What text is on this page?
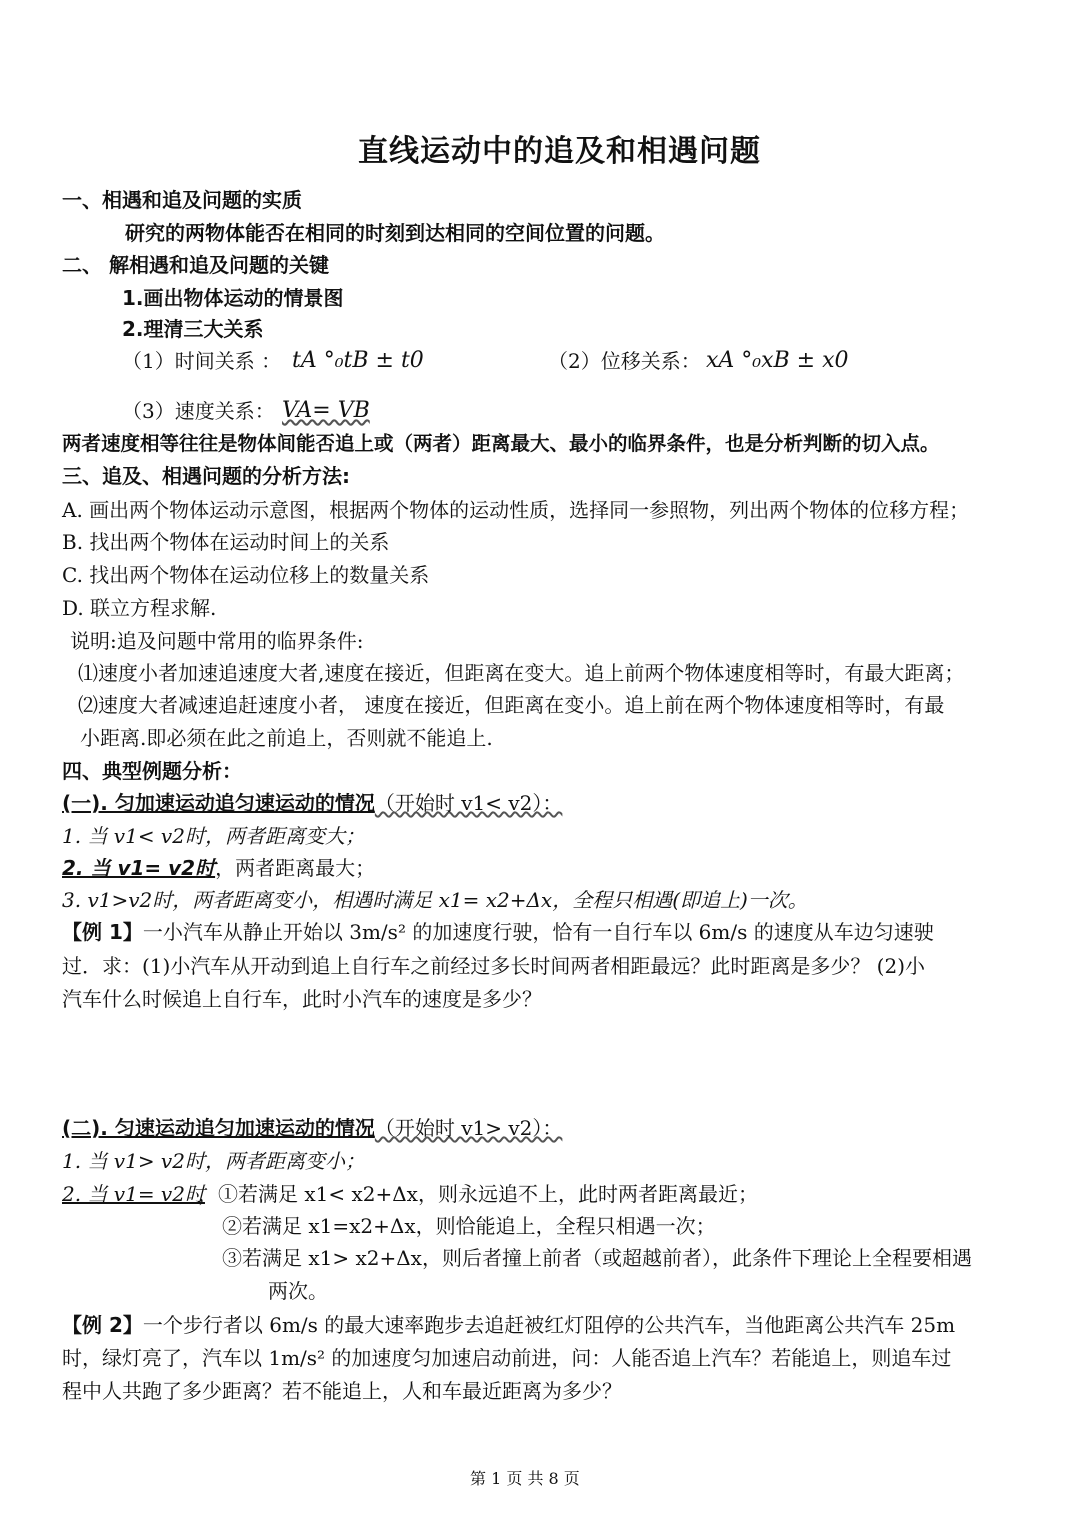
直线运动中的追及和相遇问题
一、相遇和追及问题的实质
研究的两物体能否在相同的时刻到达相同的空间位置的问题。
二、 解相遇和追及问题的关键
1.画出物体运动的情景图
2.理清三大关系
（1）时间关系 ： tA °₀tB ± t0	（2）位移关系： xA °₀xB ± x0
（3）速度关系： VA= VB
两者速度相等往往是物体间能否追上或（两者）距离最大、最小的临界条件，也是分析判断的切入点。
三、追及、相遇问题的分析方法:
A. 画出两个物体运动示意图，根据两个物体的运动性质，选择同一参照物，列出两个物体的位移方程；
B. 找出两个物体在运动时间上的关系
C. 找出两个物体在运动位移上的数量关系
D. 联立方程求解.
说明:追及问题中常用的临界条件:
⑴速度小者加速追速度大者,速度在接近，但距离在变大。追上前两个物体速度相等时，有最大距离；
⑵速度大者减速追赶速度小者， 速度在接近，但距离在变小。追上前在两个物体速度相等时，有最
小距离.即必须在此之前追上，否则就不能追上.
四、典型例题分析：
(一). 匀加速运动追匀速运动的情况（开始时 v1< v2）：
1. 当 v1< v2时，两者距离变大；
2. 当 v1= v2时，两者距离最大；
3. v1>v2时，两者距离变小，相遇时满足 x1= x2+Δx，全程只相遇(即追上)一次。
【例 1】一小汽车从静止开始以 3m/s² 的加速度行驶，恰有一自行车以 6m/s 的速度从车边匀速驶
过．求：(1)小汽车从开动到追上自行车之前经过多长时间两者相距最远？此时距离是多少？ (2)小
汽车什么时候追上自行车，此时小汽车的速度是多少？
(二). 匀速运动追匀加速运动的情况（开始时 v1> v2）：
1. 当 v1> v2时，两者距离变小；
2. 当 v1= v2时，①若满足 x1< x2+Δx，则永远追不上，此时两者距离最近；
②若满足 x1=x2+Δx，则恰能追上，全程只相遇一次；
③若满足 x1> x2+Δx，则后者撞上前者（或超越前者），此条件下理论上全程要相遇
两次。
【例 2】一个步行者以 6m/s 的最大速率跑步去追赶被红灯阻停的公共汽车，当他距离公共汽车 25m
时，绿灯亮了，汽车以 1m/s² 的加速度匀加速启动前进，问：人能否追上汽车？若能追上，则追车过
程中人共跑了多少距离？若不能追上，人和车最近距离为多少？
第 1 页 共 8 页
